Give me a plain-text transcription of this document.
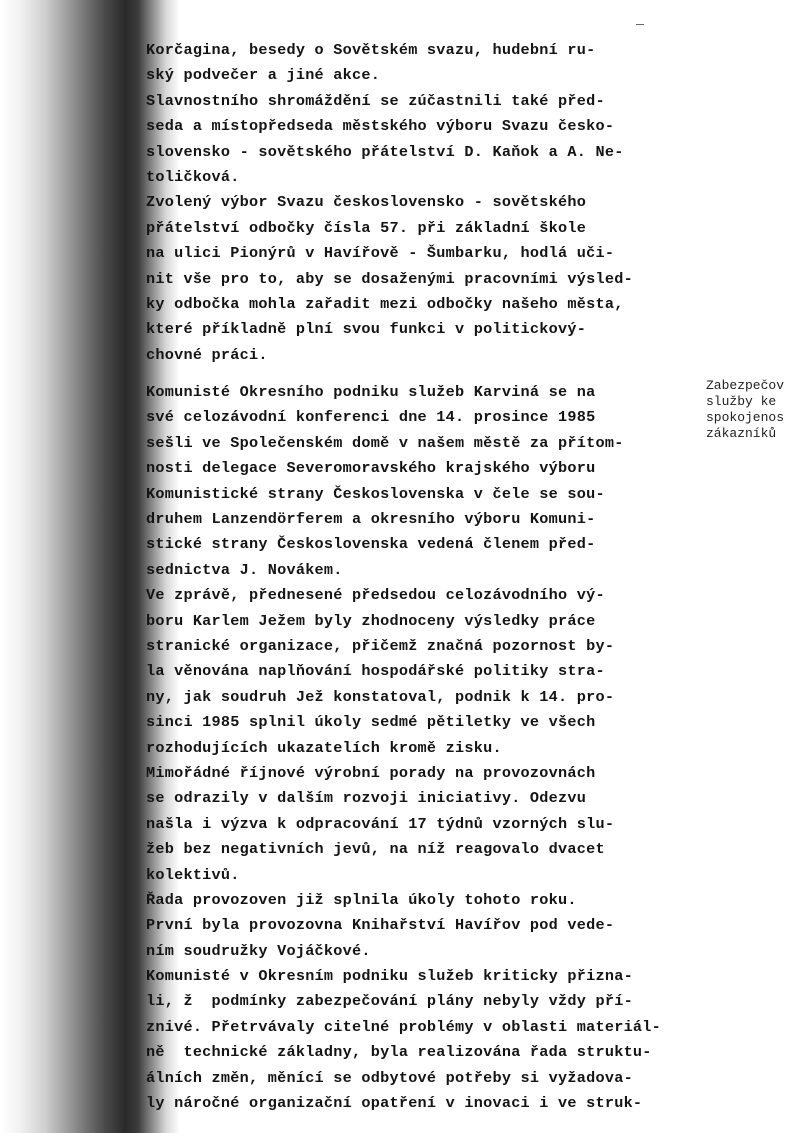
Korčagina, besedy o Sovětském svazu, hudební ru-
ský podvečer a jiné akce.
Slavnostního shromáždění se zúčastnili také před-
seda a místopředseda městského výboru Svazu česko-
slovensko - sovětského přátelství D. Kaňok a A. Ne-
toličková.
Zvolený výbor Svazu československo - sovětského
přátelství odbočky čísla 57. při základní škole
na ulici Pionýrů v Havířově - Šumbarku, hodlá uči-
nit vše pro to, aby se dosaženými pracovními výsled-
ky odbočka mohla zařadit mezi odbočky našeho města,
které příkladně plní svou funkci v politickový-
chovné práci.
Komunisté Okresního podniku služeb Karviná se na
své celozávodní konferenci dne 14. prosince 1985
sešli ve Společenském domě v našem městě za přítom-
nosti delegace Severomoravského krajského výboru
Komunistické strany Československa v čele se sou-
druhem Lanzendörferem a okresního výboru Komuni-
stické strany Československa vedená členem před-
sednictva J. Novákem.
Ve zprávě, přednesené předsedou celozávodního vý-
boru Karlem Ježem byly zhodnoceny výsledky práce
stranické organizace, přičemž značná pozornost by-
la věnována naplňování hospodářské politiky stra-
ny, jak soudruh Jež konstatoval, podnik k 14. pro-
sinci 1985 splnil úkoly sedmé pětiletky ve všech
rozhodujících ukazatelích kromě zisku.
Mimořádné říjnové výrobní porady na provozovnách
se odrazily v dalším rozvoji iniciativy. Odezvu
našla i výzva k odpracování 17 týdnů vzorných slu-
žeb bez negativních jevů, na níž reagovalo dvacet
kolektivů.
Řada provozoven již splnila úkoly tohoto roku.
První byla provozovna Knihařství Havířov pod vede-
ním soudružky Vojáčkové.
Komunisté v Okresním podniku služeb kriticky přizna-
li, ž  podmínky zabezpečování plány nebyly vždy pří-
znivé. Přetrvávaly citelné problémy v oblasti materiál-
ně  technické základny, byla realizována řada struktu-
álních změn, měnící se odbytové potřeby si vyžadova-
ly náročné organizační opatření v inovaci i ve struk-
Zabezpečov
služby ke
spokojenos
zákazníků
